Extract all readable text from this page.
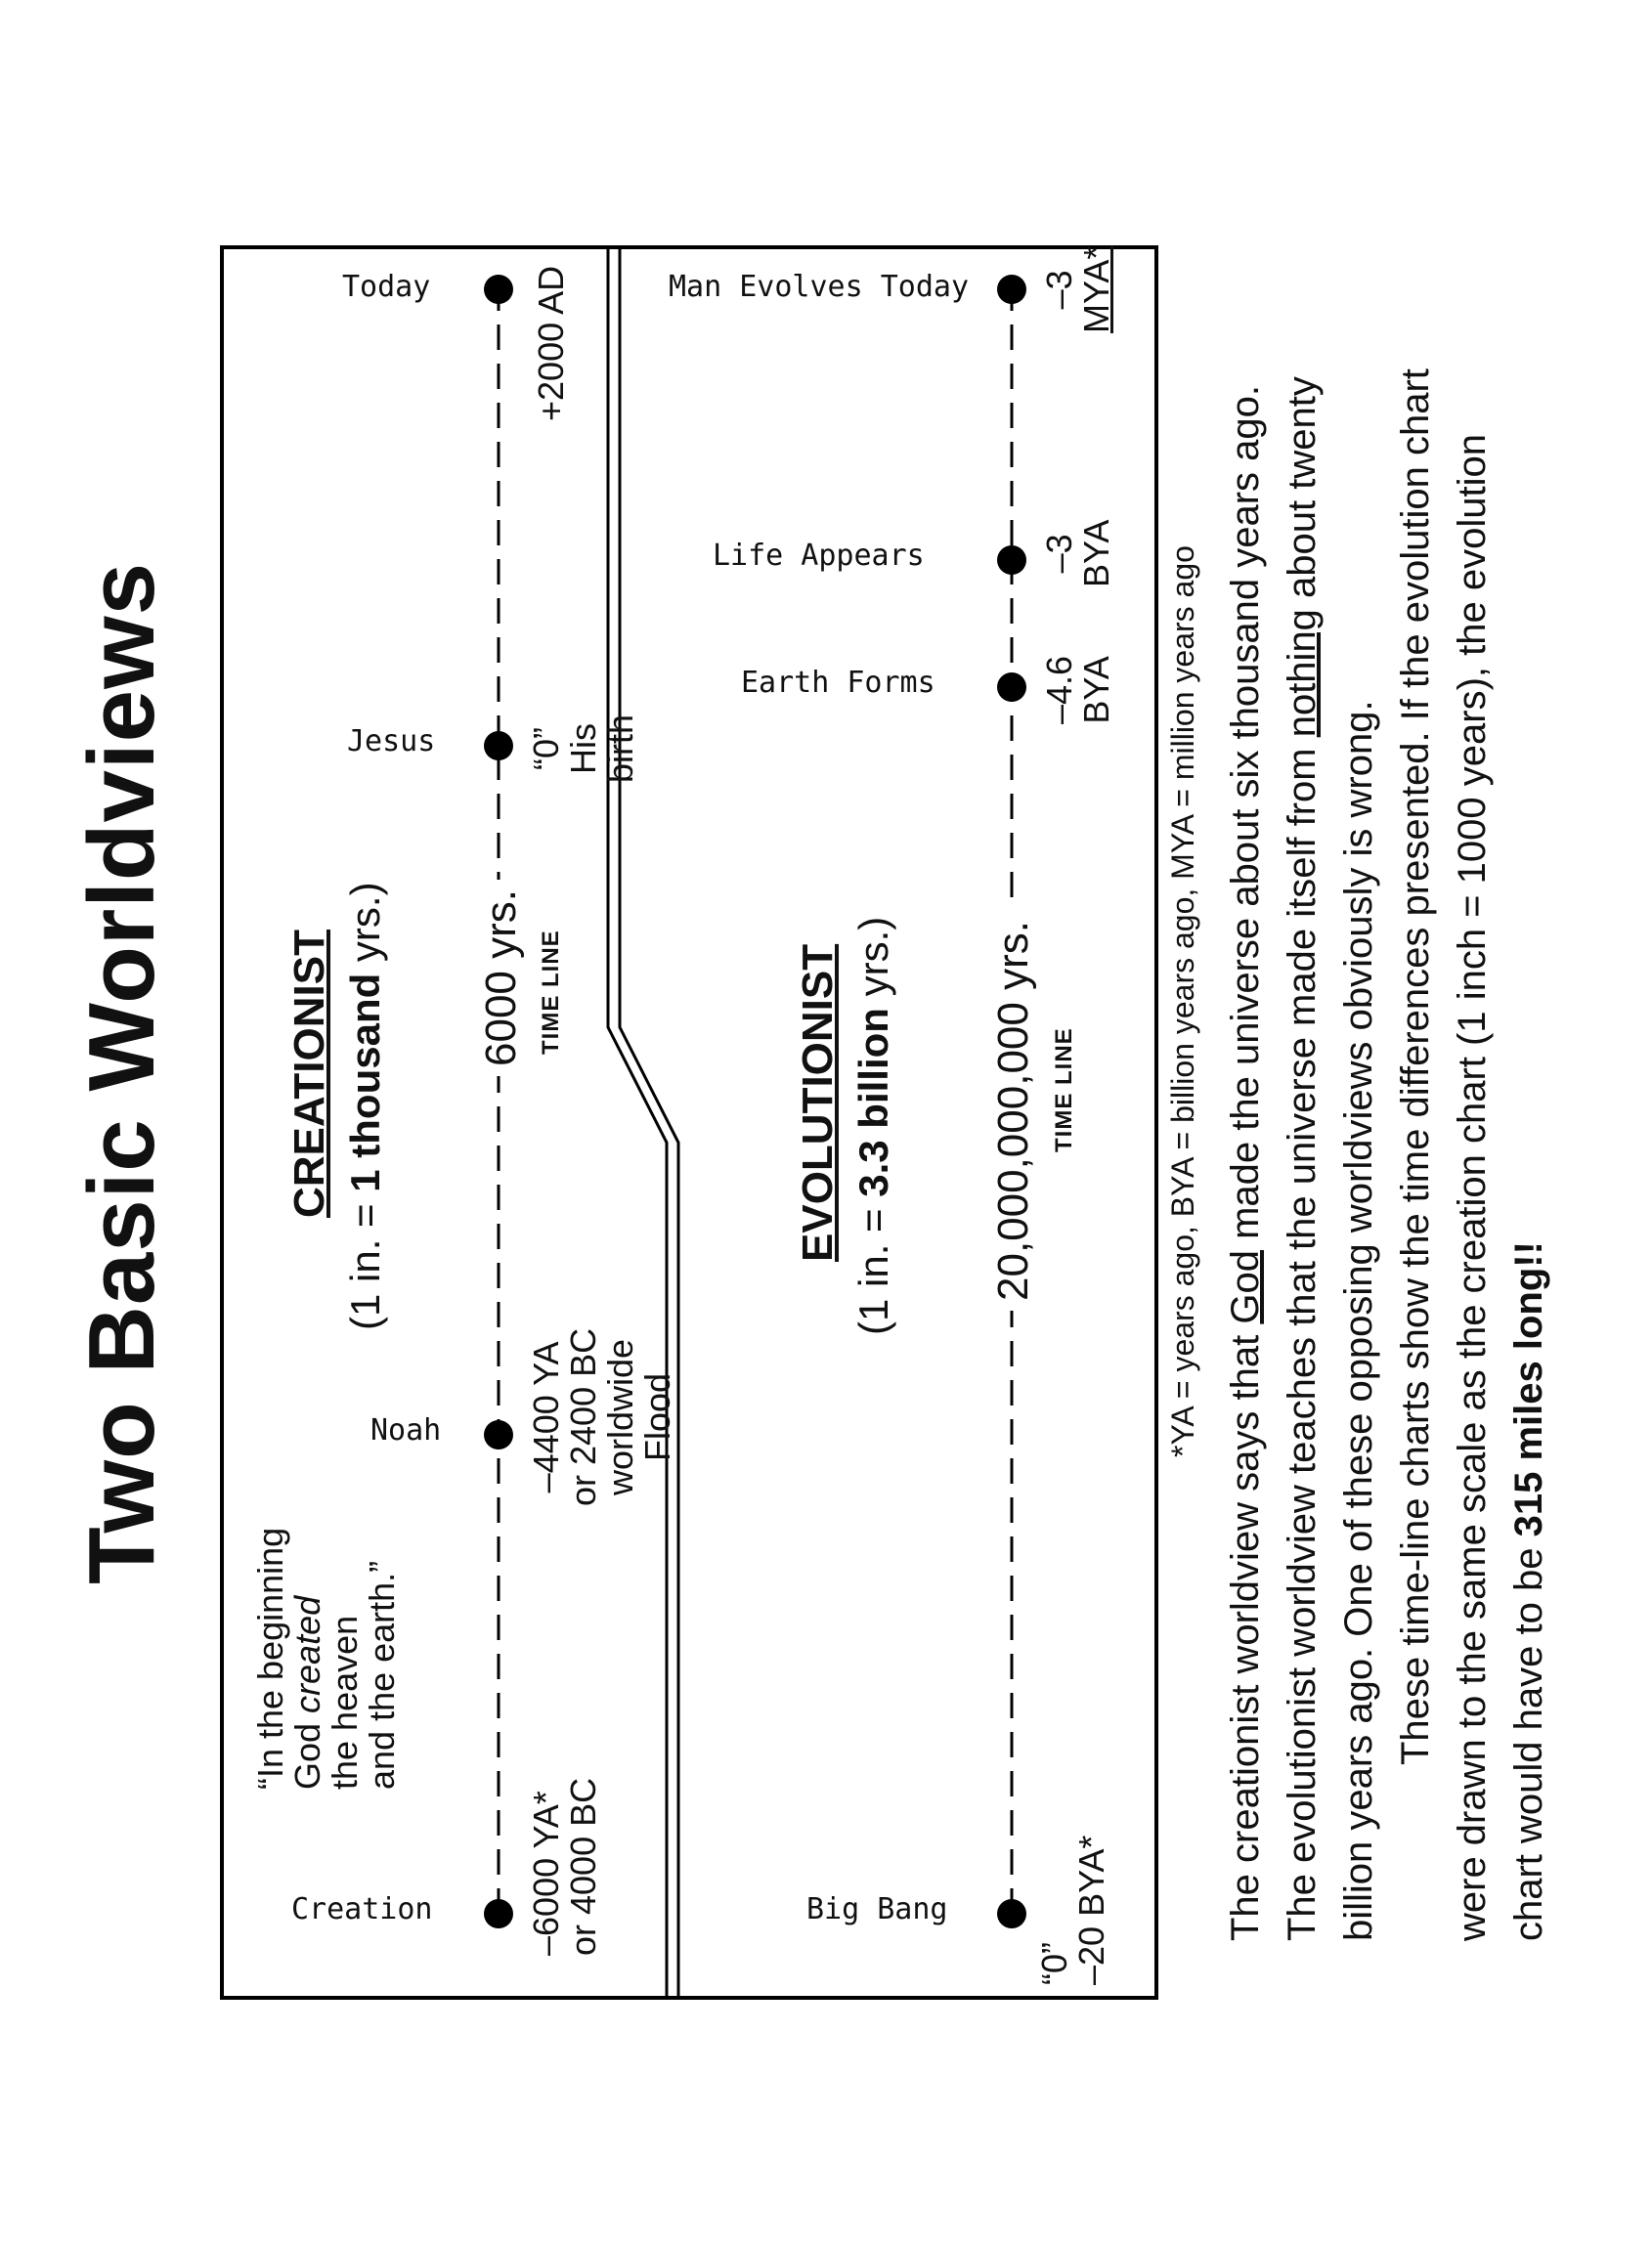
Two Basic Worldviews	CREATIONIST
(1 in. = 1 thousand yrs.) 6000 yrs. TIME LINE
Creation	–6000 YA*
or 4000 BC
“In the beginning
God created
the heaven
and the earth.”
Noah	–4400 YA
or 2400 BC
worldwide
Flood
Jesus	“0”
His
birth
Today	+2000 AD
EVOLUTIONIST
(1 in. = 3.3 billion yrs.) 20,000,000,000 yrs. TIME LINE
Big Bang
“0”
–20 BYA*
Earth Forms	–4.6
BYA
Life Appears	–3
BYA
Man Evolves Today	–3
MYA*
*YA = years ago, BYA = billion years ago, MYA = million years ago

The creationist worldview says that God made the universe about six thousand years ago. The evolutionist worldview teaches that the universe made itself from nothing about twenty billion years ago. One of these opposing worldviews obviously is wrong. These time-line charts show the time differences presented. If the evolution chart were drawn to the same scale as the creation chart (1 inch = 1000 years), the evolution chart would have to be 315 miles long!!
